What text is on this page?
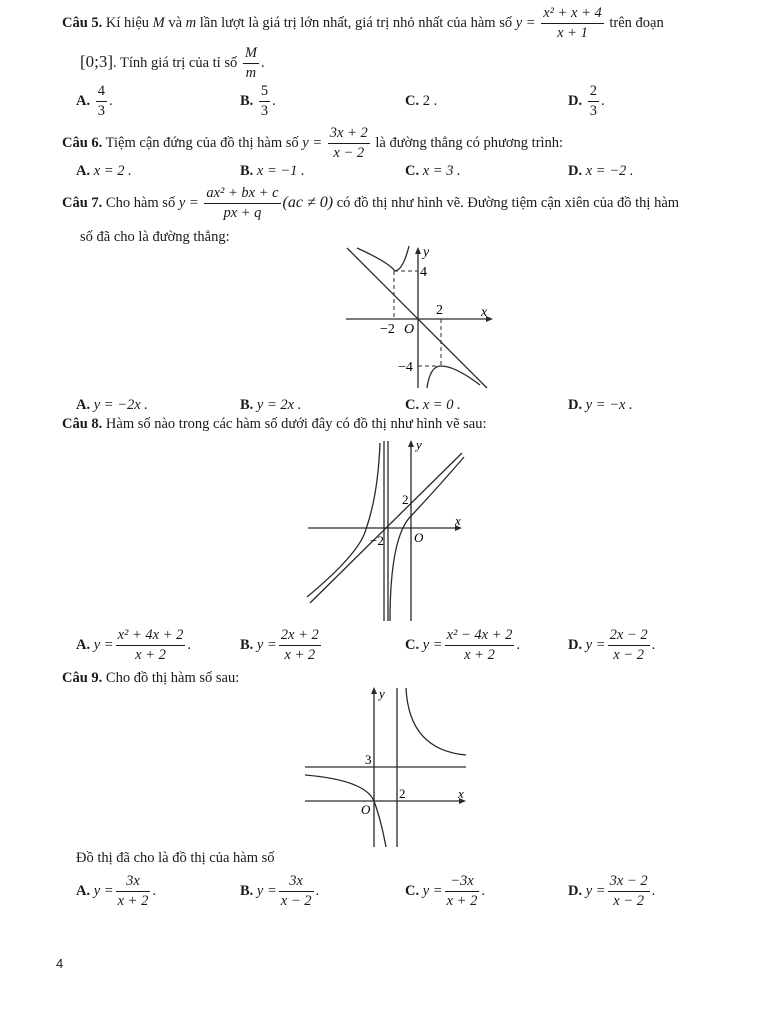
Câu 5. Kí hiệu M và m lần lượt là giá trị lớn nhất, giá trị nhỏ nhất của hàm số $y = \frac{\text{x² + x + 4}}{x + 1}$ trên đoạn
[0;3]. Tính giá trị của tỉ số $\frac{M}{m}$ .
A. $\frac{4}{3}$ .	B. $\frac{5}{3}$ .	C. 2 .	D. $\frac{2}{3}$ .
Câu 6. Tiệm cận đứng của đồ thị hàm số $y = \frac{3x + 2}{x - 2}$ là đường thẳng có phương trình:
A. x = 2 .	B. x = −1 .	C. x = 3 .	D. x = −2 .
Câu 7. Cho hàm số $y = \frac{\text{ax² + bx + c}}{px + q} (ac \ne 0)$ có đồ thị như hình vẽ. Đường tiệm cận xiên của đồ thị hàm
số đã cho là đường thẳng:
y
x
4
2
−2 O
−4
A. y = −2x .	B. y = 2x .	C. x = 0 .	D. y = −x .
Câu 8. Hàm số nào trong các hàm số dưới đây có đồ thị như hình vẽ sau:
y
x
2
−2 O
A. $y = \frac{\text{x² + 4x + 2}}{x + 2}$ .	B. $y = \frac{2x + 2}{x + 2}$	C. $y = \frac{\text{x² − 4x + 2}}{x + 2}$ .	D. $y = \frac{2x - 2}{x - 2}$ .
Câu 9. Cho đồ thị hàm số sau:
y
x
3
2
O
Đồ thị đã cho là đồ thị của hàm số
A. $y = \frac{3x}{x + 2}$ .	B. $y = \frac{3x}{x - 2}$ .	C. $y = \frac{-3x}{x + 2}$ .	D. $y = \frac{3x - 2}{x - 2}$ .
4
